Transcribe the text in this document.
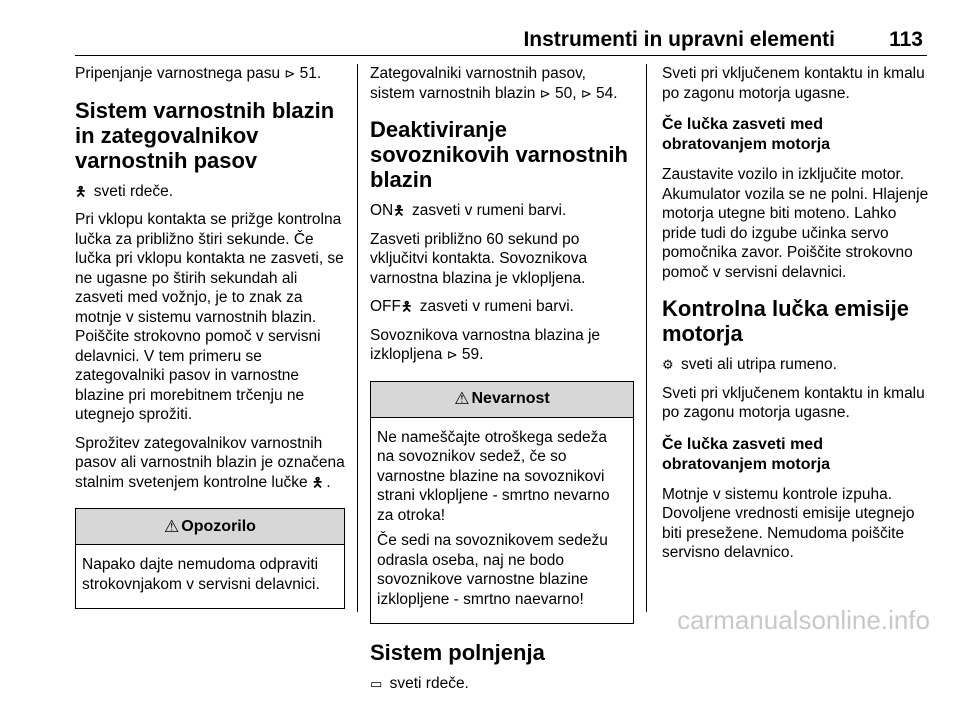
Instrumenti in upravni elementi	113

Pripenjanje varnostnega pasu ⊳ 51.

Sistem varnostnih blazin in zategovalnikov varnostnih pasov

🯅 sveti rdeče.

Pri vklopu kontakta se prižge kontrolna lučka za približno štiri sekunde. Če lučka pri vklopu kontakta ne zasveti, se ne ugasne po štirih sekundah ali zasveti med vožnjo, je to znak za motnje v sistemu varnostnih blazin. Poiščite strokovno pomoč v servisni delavnici. V tem primeru se zategovalniki pasov in varnostne blazine pri morebitnem trčenju ne utegnejo sprožiti.

Sprožitev zategovalnikov varnostnih pasov ali varnostnih blazin je označena stalnim svetenjem kontrolne lučke 🯅 .

⚠ Opozorilo

Napako dajte nemudoma odpraviti strokovnjakom v servisni delavnici.

Zategovalniki varnostnih pasov, sistem varnostnih blazin ⊳ 50, ⊳ 54.

Deaktiviranje sovoznikovih varnostnih blazin

ON🯅 zasveti v rumeni barvi.

Zasveti približno 60 sekund po vključitvi kontakta. Sovoznikova varnostna blazina je vklopljena.

OFF🯅 zasveti v rumeni barvi.

Sovoznikova varnostna blazina je izklopljena ⊳ 59.

⚠ Nevarnost

Ne nameščajte otroškega sedeža na sovoznikov sedež, če so varnostne blazine na sovoznikovi strani vklopljene - smrtno nevarno za otroka!

Če sedi na sovoznikovem sedežu odrasla oseba, naj ne bodo sovoznikove varnostne blazine izklopljene - smrtno naevarno!

Sistem polnjenja

▭ sveti rdeče.

Sveti pri vključenem kontaktu in kmalu po zagonu motorja ugasne.

Če lučka zasveti med obratovanjem motorja

Zaustavite vozilo in izključite motor. Akumulator vozila se ne polni. Hlajenje motorja utegne biti moteno. Lahko pride tudi do izgube učinka servo pomočnika zavor. Poiščite strokovno pomoč v servisni delavnici.

Kontrolna lučka emisije motorja

⚙ sveti ali utripa rumeno.

Sveti pri vključenem kontaktu in kmalu po zagonu motorja ugasne.

Če lučka zasveti med obratovanjem motorja

Motnje v sistemu kontrole izpuha. Dovoljene vrednosti emisije utegnejo biti presežene. Nemudoma poiščite servisno delavnico.

carmanualsonline.info
